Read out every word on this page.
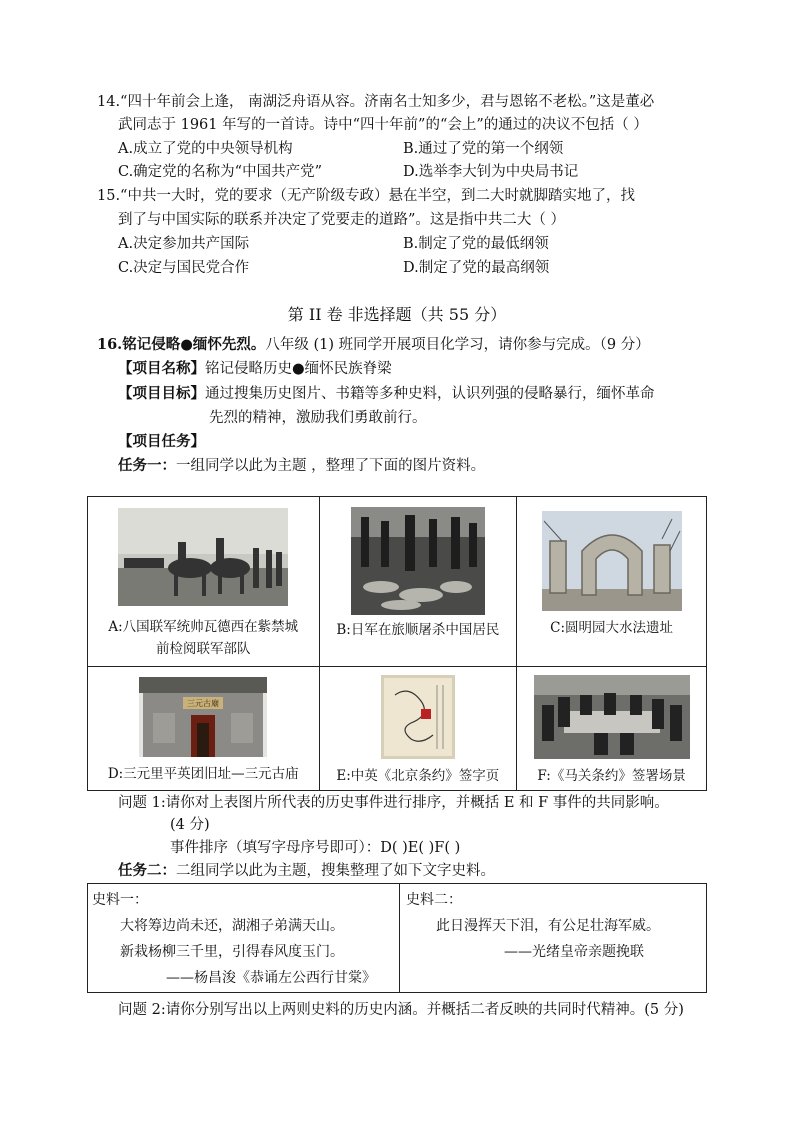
14.“四十年前会上逢， 南湖泛舟语从容。济南名士知多少，君与恩铭不老松。”这是董必
武同志于 1961 年写的一首诗。诗中“四十年前”的“会上”的通过的决议不包括（ ）
A.成立了党的中央领导机构	B.通过了党的第一个纲领
C.确定党的名称为“中国共产党”	D.选举李大钊为中央局书记
15.“中共一大时，党的要求（无产阶级专政）悬在半空，到二大时就脚踏实地了，找
到了与中国实际的联系并决定了党要走的道路”。这是指中共二大（ ）
A.决定参加共产国际	B.制定了党的最低纲领
C.决定与国民党合作	D.制定了党的最高纲领
第 II 卷 非选择题（共 55 分）
16.铭记侵略●缅怀先烈。八年级 (1) 班同学开展项目化学习，请你参与完成。（9 分）
【项目名称】铭记侵略历史●缅怀民族脊梁
【项目目标】通过搜集历史图片、书籍等多种史料，认识列强的侵略暴行，缅怀革命
先烈的精神，激励我们勇敢前行。
【项目任务】
任务一：一组同学以此为主题 ，整理了下面的图片资料。
A:八国联军统帅瓦德西在紫禁城
前检阅联军部队	B:日军在旅顺屠杀中国居民	C:圆明园大水法遗址

三元古廟
D:三元里平英团旧址—三元古庙	E:中英《北京条约》签字页	F:《马关条约》签署场景
问题 1:请你对上表图片所代表的历史事件进行排序，并概括 E 和 F 事件的共同影响。
(4 分)
事件排序（填写字母序号即可）：D( )E( )F( )
任务二：二组同学以此为主题，搜集整理了如下文字史料。
史料一：
大将筹边尚未还，湖湘子弟满天山。
新栽杨柳三千里，引得春风度玉门。
——杨昌浚《恭诵左公西行甘棠》
史料二：
此日漫挥天下泪，有公足壮海军威。
——光绪皇帝亲题挽联
问题 2:请你分别写出以上两则史料的历史内涵。并概括二者反映的共同时代精神。(5 分)
